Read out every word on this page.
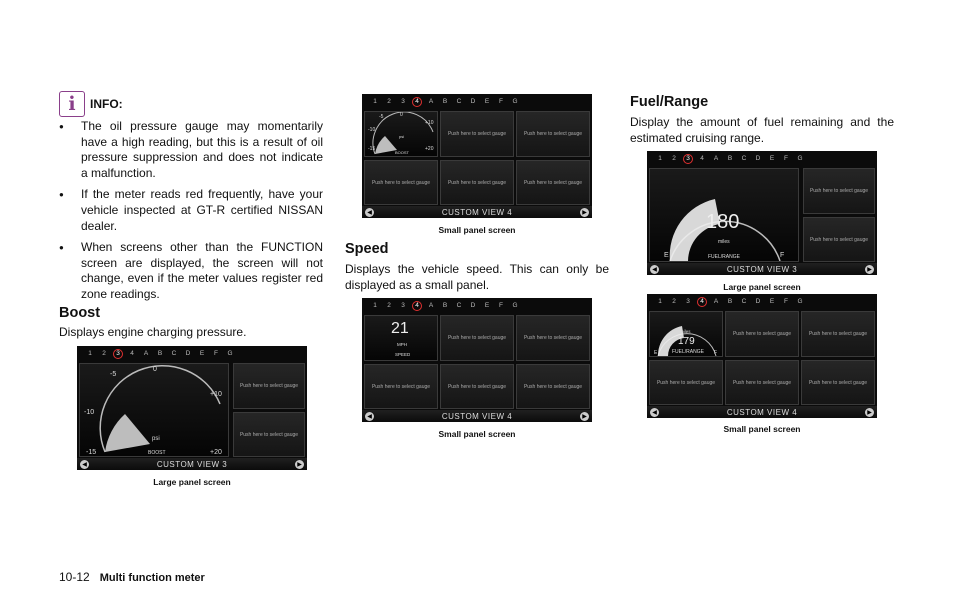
i	INFO:
● The oil pressure gauge may momentarily have a high reading, but this is a result of oil pressure suppression and does not indicate a malfunction.
● If the meter reads red frequently, have your vehicle inspected at GT-R certified NISSAN dealer.
● When screens other than the FUNCTION screen are displayed, the screen will not change, even if the meter values register red zone readings.
Boost
Displays engine charging pressure.
1	2	3	4	A	B	C	D	E	F	G
-5
0
+10
-10
-15	+20
psi
BOOST
Push here to select gauge
Push here to select gauge
CUSTOM VIEW 3
◀	▶
Large panel screen
1	2	3	4	A	B	C	D	E	F	G
-5	0
+10
-10
-15	+20
psi
BOOST
Push here to select gauge	Push here to select gauge
Push here to select gauge	Push here to select gauge	Push here to select gauge
CUSTOM VIEW 4
◀	▶
Small panel screen
Speed
Displays the vehicle speed. This can only be displayed as a small panel.
1	2	3	4	A	B	C	D	E	F	G
21
MPH
SPEED
Push here to select gauge	Push here to select gauge
Push here to select gauge	Push here to select gauge	Push here to select gauge
CUSTOM VIEW 4
◀	▶
Small panel screen
Fuel/Range
Display the amount of fuel remaining and the estimated cruising range.
1	2	3	4	A	B	C	D	E	F	G
180
miles
FUEL/RANGE
E	F
Push here to select gauge
Push here to select gauge
CUSTOM VIEW 3
◀	▶
Large panel screen
1	2	3	4	A	B	C	D	E	F	G
miles
179
FUEL/RANGE
E	F
Push here to select gauge	Push here to select gauge
Push here to select gauge	Push here to select gauge	Push here to select gauge
CUSTOM VIEW 4
◀	▶
Small panel screen
10-12 Multi function meter
